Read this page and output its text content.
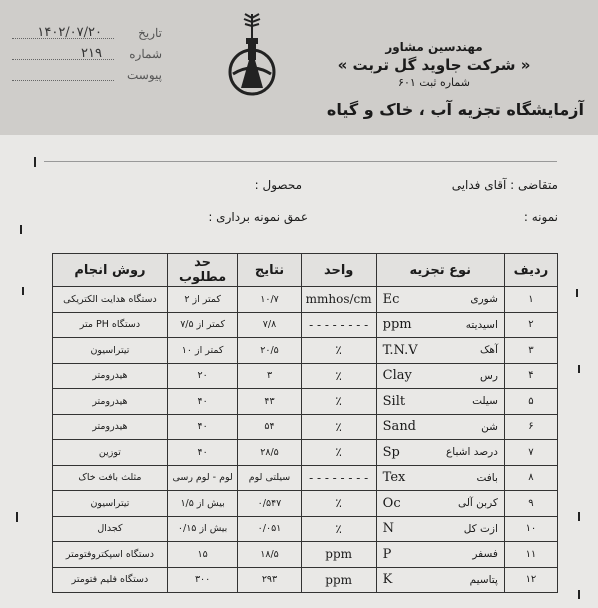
تاریخ
۱۴۰۲/۰۷/۲۰
شماره
۲۱۹
پیوست
مهندسین مشاور
« شرکت جاوید گل تربت »
شماره ثبت ۶۰۱
آزمایشگاه تجزیه آب ، خاک و گیاه
متقاضی : آقای فدایی
محصول :
نمونه :
عمق نمونه برداری :
روش انجام	حد مطلوب	نتایج	واحد	نوع تجزیه	ردیف
دستگاه هدایت الکتریکی	کمتر از ۲	۱۰/۷	mmhos/cm	Ec شوری	۱
دستگاه PH متر	کمتر از ۷/۵	۷/۸	- - - - - - - -	ppm اسیدیته	۲
تیتراسیون	کمتر از ۱۰	۲۰/۵	٪	T.N.V آهک	۳
هیدرومتر	۲۰	۳	٪	Clay رس	۴
هیدرومتر	۴۰	۴۳	٪	Silt سیلت	۵
هیدرومتر	۴۰	۵۴	٪	Sand شن	۶
توزین	۴۰	۲۸/۵	٪	Sp درصد اشباع	۷
مثلث بافت خاک	لوم - لوم رسی	سیلتی لوم	- - - - - - - -	Tex بافت	۸
تیتراسیون	بیش از ۱/۵	۰/۵۴۷	٪	Oc کربن آلی	۹
کجدال	بیش از ۰/۱۵	۰/۰۵۱	٪	N ازت کل	۱۰
دستگاه اسپکتروفتومتر	۱۵	۱۸/۵	ppm	P فسفر	۱۱
دستگاه فلیم فتومتر	۳۰۰	۲۹۳	ppm	K پتاسیم	۱۲
